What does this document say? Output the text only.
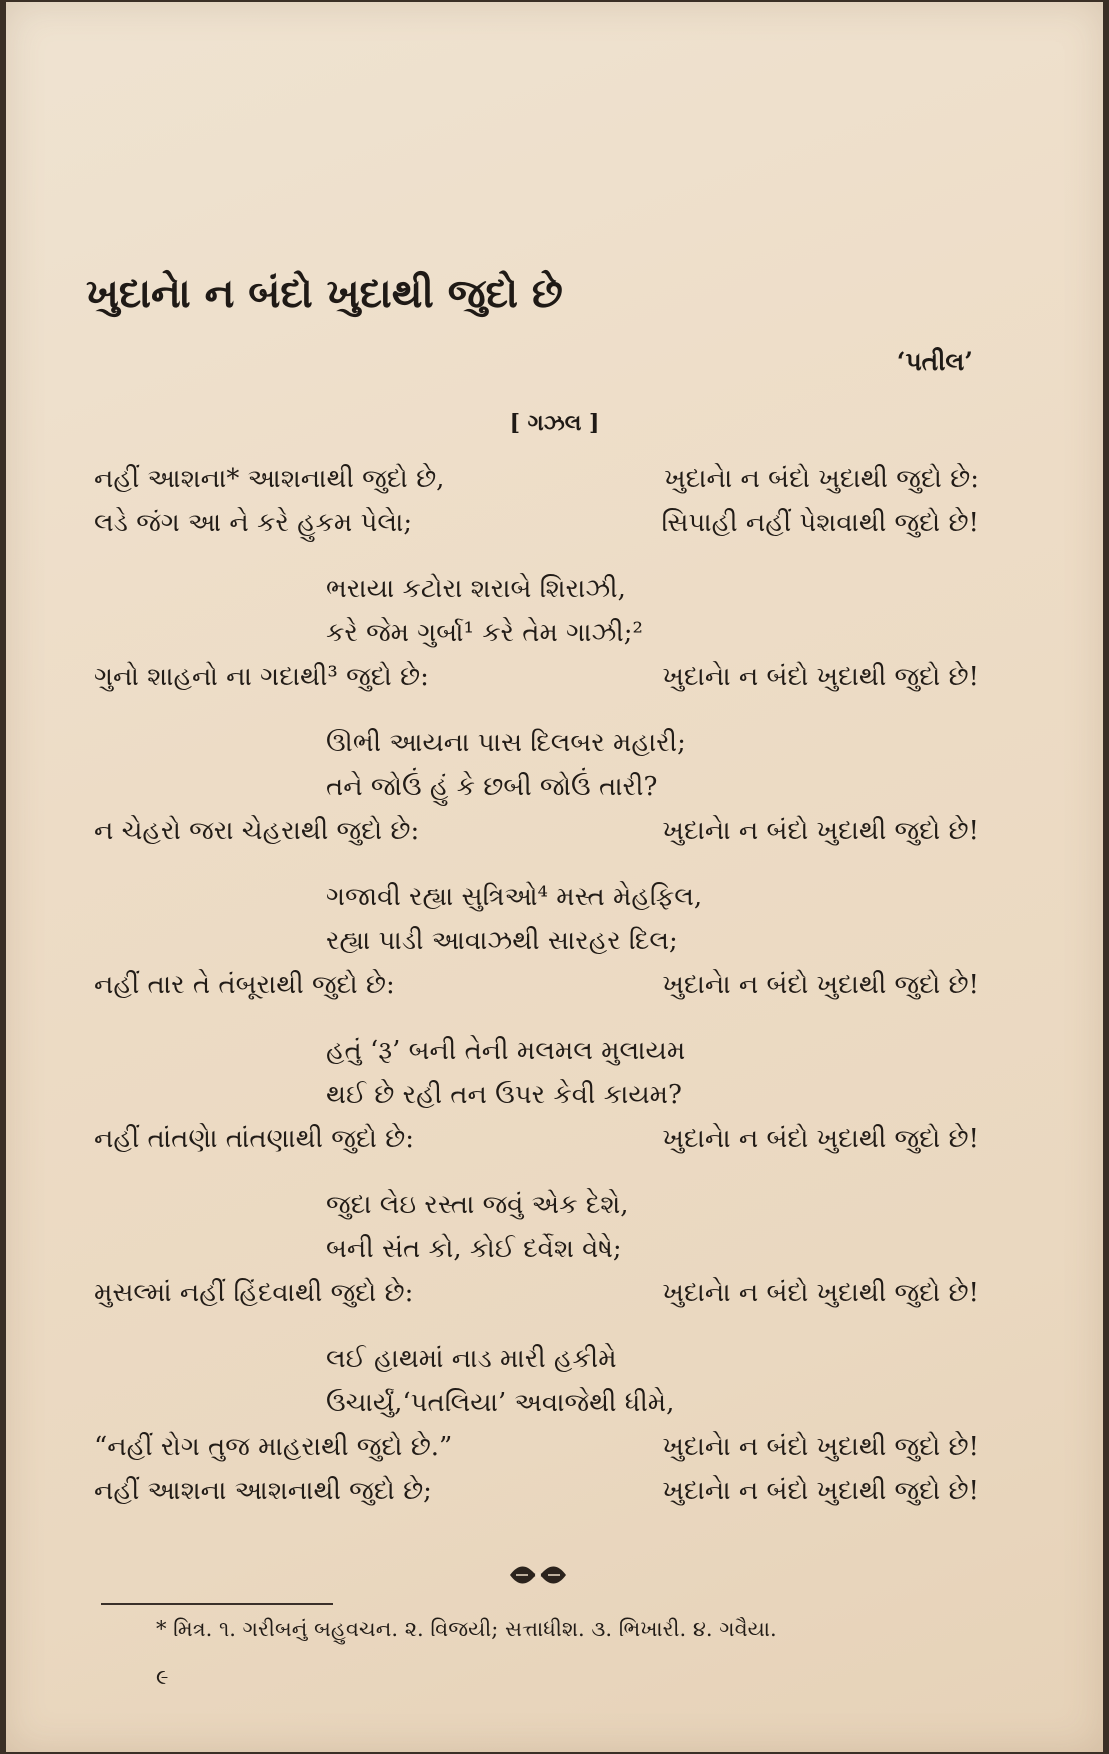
ખુદાનેા ન બંદો ખુદાથી જુદો છે
‘પતીલ’
[ ગઝલ ]
નહીં આશના* આશનાથી જુદો છે,	ખુદાનેા ન બંદો ખુદાથી જુદો છે:
લડે જંગ આ ને કરે હુકમ પેલેા;	સિપાહી નહીં પેશવાથી જુદો છે!
ભરાયા કટોરા શરાબે શિરાઝી,
કરે જેમ ગુર્બા¹ કરે તેમ ગાઝી;²
ગુનો શાહનો ના ગદાથી³ જુદો છે:	ખુદાનેા ન બંદો ખુદાથી જુદો છે!
ઊભી આયના પાસ દિલબર મહારી;
તને જોઉં હું કે છબી જોઉં તારી?
ન ચેહરો જરા ચેહરાથી જુદો છે:	ખુદાનેા ન બંદો ખુદાથી જુદો છે!
ગજાવી રહ્યા સુત્રિઓ⁴ મસ્ત મેહફિલ,
રહ્યા પાડી આવાઝથી સારહર દિલ;
નહીં તાર તે તંબૂરાથી જુદો છે:	ખુદાનેા ન બંદો ખુદાથી જુદો છે!
હતું ‘રૂ’ બની તેની મલમલ મુલાયમ
થઈ છે રહી તન ઉપર કેવી કાયમ?
નહીં તાંતણેા તાંતણાથી જુદો છે:	ખુદાનેા ન બંદો ખુદાથી જુદો છે!
જુદા લેઇ રસ્તા જવું એક દેશે,
બની સંત કો, કોઈ દર્વેશ વેષે;
મુસલ્માં નહીં હિંદવાથી જુદો છે:	ખુદાનેા ન બંદો ખુદાથી જુદો છે!
લઈ હાથમાં નાડ મારી હકીમે
ઉચાર્યું,‘પતલિયા’ અવાજેથી ધીમે,
“નહીં રોગ તુજ માહરાથી જુદો છે.”	ખુદાનેા ન બંદો ખુદાથી જુદો છે!
નહીં આશના આશનાથી જુદો છે;	ખુદાનેા ન બંદો ખુદાથી જુદો છે!
* મિત્ર. ૧. ગરીબનું બહુવચન. ૨. વિજયી; સત્તાધીશ. ૩. ભિખારી. ૪. ગવૈયા.
૯
